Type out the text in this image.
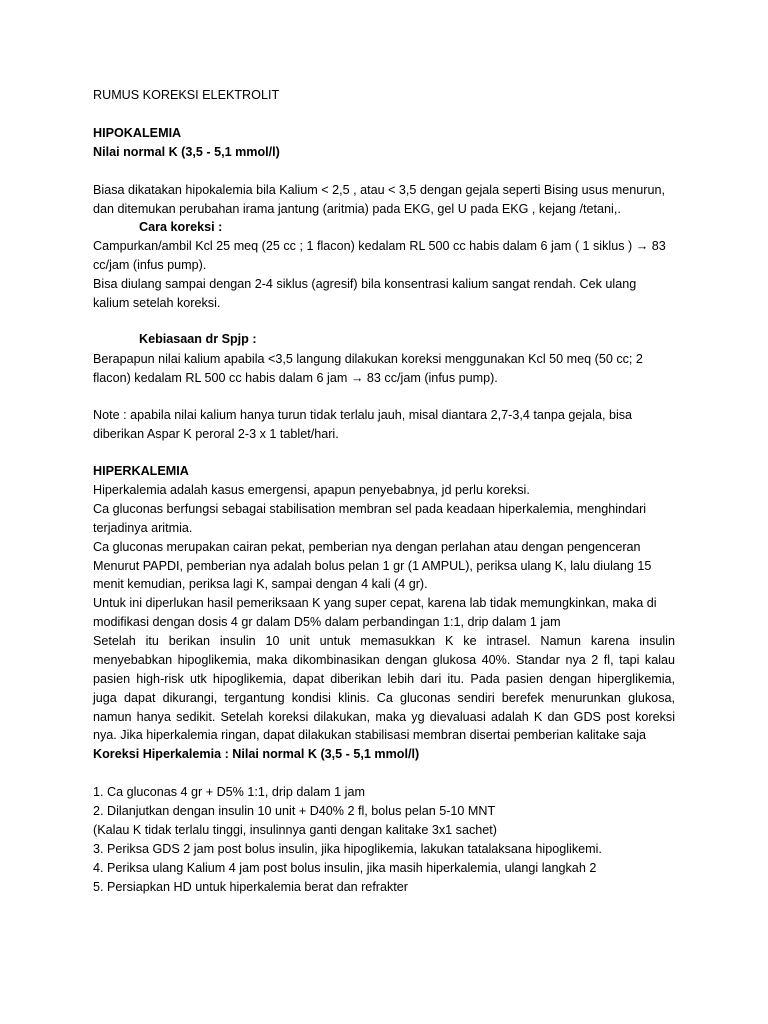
RUMUS KOREKSI ELEKTROLIT
HIPOKALEMIA
Nilai normal K (3,5 - 5,1 mmol/l)
Biasa dikatakan hipokalemia bila Kalium < 2,5 , atau < 3,5 dengan gejala seperti Bising usus menurun,
dan ditemukan perubahan irama jantung (aritmia) pada EKG, gel U pada EKG , kejang /tetani,.
Cara koreksi :
Campurkan/ambil Kcl 25 meq (25 cc ; 1 flacon) kedalam RL 500 cc habis dalam 6 jam ( 1 siklus ) → 83
cc/jam (infus pump).
Bisa diulang sampai dengan 2-4 siklus (agresif) bila konsentrasi kalium sangat rendah. Cek ulang
kalium setelah koreksi.
Kebiasaan dr Spjp :
Berapapun nilai kalium apabila <3,5 langung dilakukan koreksi menggunakan Kcl 50 meq (50 cc; 2
flacon) kedalam RL 500 cc habis dalam 6 jam → 83 cc/jam (infus pump).
Note : apabila nilai kalium hanya turun tidak terlalu jauh, misal diantara 2,7-3,4 tanpa gejala, bisa
diberikan Aspar K peroral 2-3 x 1 tablet/hari.
HIPERKALEMIA
Hiperkalemia adalah kasus emergensi, apapun penyebabnya, jd perlu koreksi.
Ca gluconas berfungsi sebagai stabilisation membran sel pada keadaan hiperkalemia, menghindari
terjadinya aritmia.
Ca gluconas merupakan cairan pekat, pemberian nya dengan perlahan atau dengan pengenceran
Menurut PAPDI, pemberian nya adalah bolus pelan 1 gr (1 AMPUL), periksa ulang K, lalu diulang 15
menit kemudian, periksa lagi K, sampai dengan 4 kali (4 gr).
Untuk ini diperlukan hasil pemeriksaan K yang super cepat, karena lab tidak memungkinkan, maka di
modifikasi dengan dosis 4 gr dalam D5% dalam perbandingan 1:1, drip dalam 1 jam
Setelah itu berikan insulin 10 unit untuk memasukkan K ke intrasel. Namun karena insulin
menyebabkan hipoglikemia, maka dikombinasikan dengan glukosa 40%. Standar nya 2 fl, tapi kalau
pasien high-risk utk hipoglikemia, dapat diberikan lebih dari itu. Pada pasien dengan hiperglikemia,
juga dapat dikurangi, tergantung kondisi klinis. Ca gluconas sendiri berefek menurunkan glukosa,
namun hanya sedikit. Setelah koreksi dilakukan, maka yg dievaluasi adalah K dan GDS post koreksi
nya. Jika hiperkalemia ringan, dapat dilakukan stabilisasi membran disertai pemberian kalitake saja
Koreksi Hiperkalemia : Nilai normal K (3,5 - 5,1 mmol/l)
1. Ca gluconas 4 gr + D5% 1:1, drip dalam 1 jam
2. Dilanjutkan dengan insulin 10 unit + D40% 2 fl, bolus pelan 5-10 MNT
(Kalau K tidak terlalu tinggi, insulinnya ganti dengan kalitake 3x1 sachet)
3. Periksa GDS 2 jam post bolus insulin, jika hipoglikemia, lakukan tatalaksana hipoglikemi.
4. Periksa ulang Kalium 4 jam post bolus insulin, jika masih hiperkalemia, ulangi langkah 2
5. Persiapkan HD untuk hiperkalemia berat dan refrakter
